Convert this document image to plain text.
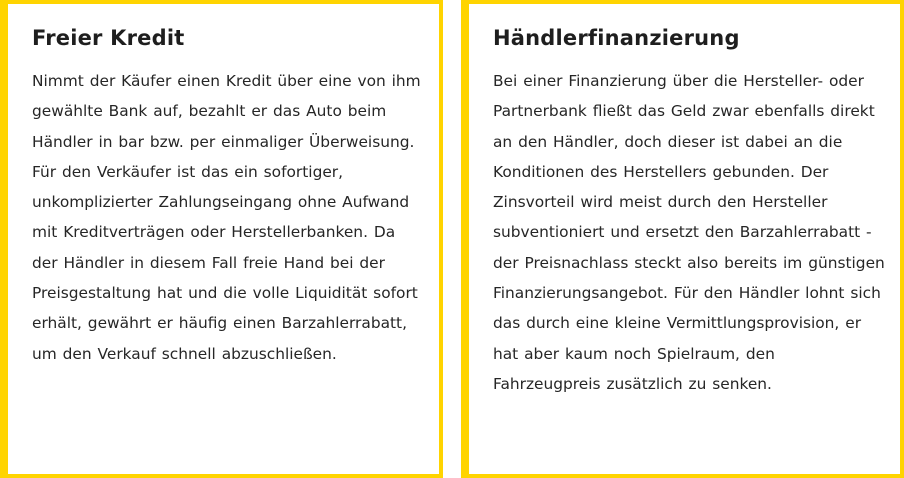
Freier Kredit

Nimmt der Käufer einen Kredit über eine von ihm gewählte Bank auf, bezahlt er das Auto beim Händler in bar bzw. per einmaliger Überweisung. Für den Verkäufer ist das ein sofortiger, unkomplizierter Zahlungseingang ohne Aufwand mit Kreditverträgen oder Herstellerbanken. Da der Händler in diesem Fall freie Hand bei der Preisgestaltung hat und die volle Liquidität sofort erhält, gewährt er häufig einen Barzahlerrabatt, um den Verkauf schnell abzuschließen.

Händlerfinanzierung

Bei einer Finanzierung über die Hersteller- oder Partnerbank fließt das Geld zwar ebenfalls direkt an den Händler, doch dieser ist dabei an die Konditionen des Herstellers gebunden. Der Zinsvorteil wird meist durch den Hersteller subventioniert und ersetzt den Barzahlerrabatt - der Preisnachlass steckt also bereits im günstigen Finanzierungsangebot. Für den Händler lohnt sich das durch eine kleine Vermittlungsprovision, er hat aber kaum noch Spielraum, den Fahrzeugpreis zusätzlich zu senken.
